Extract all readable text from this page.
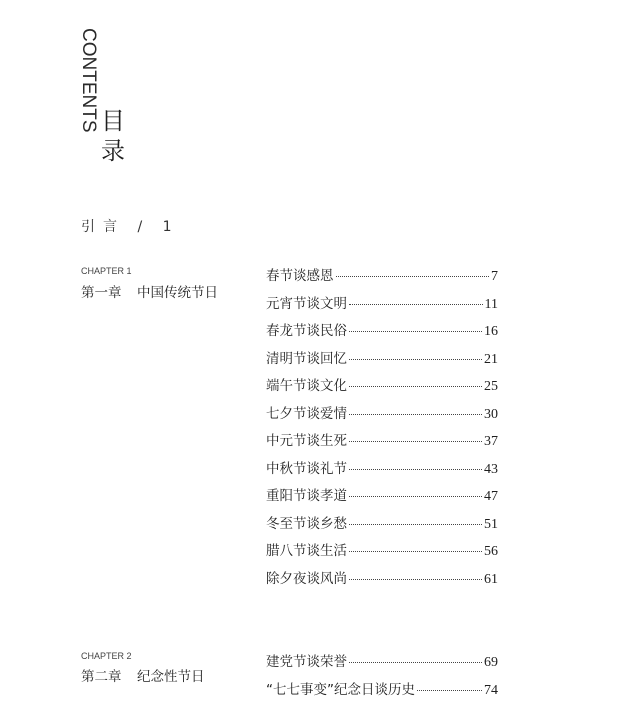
CONTENTS 目
录
引言 / 1
CHAPTER 1
第一章 中国传统节日
春节谈感恩	7
元宵节谈文明	11
春龙节谈民俗	16
清明节谈回忆	21
端午节谈文化	25
七夕节谈爱情	30
中元节谈生死	37
中秋节谈礼节	43
重阳节谈孝道	47
冬至节谈乡愁	51
腊八节谈生活	56
除夕夜谈风尚	61
CHAPTER 2
第二章 纪念性节日
建党节谈荣誉	69
“七七事变”纪念日谈历史	74
